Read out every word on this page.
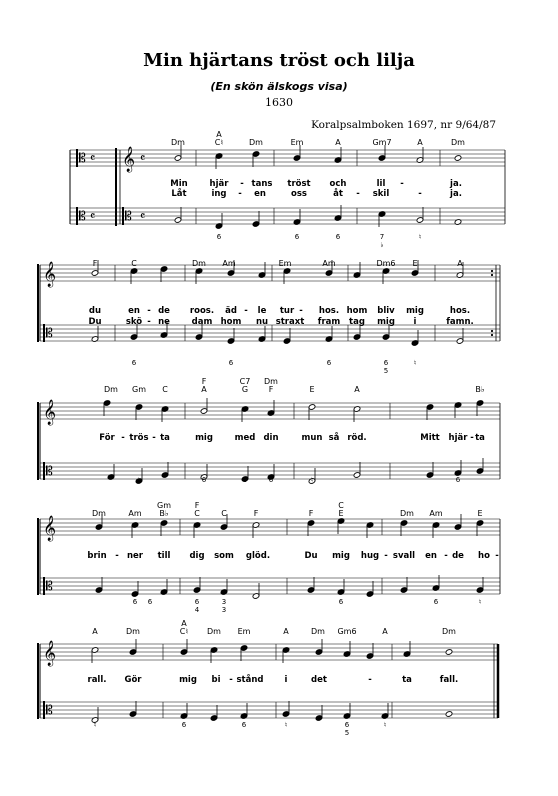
Min hjärtans tröst och lilja
(En skön älskogs visa)
1630
Koralpsalmboken 1697, nr 9/64/87
𝄡 𝄴
𝄡 𝄴
𝄞 𝄴
𝄡 𝄴
Dm
A
C♮	Dm	Em	A	Gm7	A	Dm
Min	hjär - tans tröst och	lil -	ja.
Låt	ing - en	oss	åt - skil	-	ja.
6	6	6	7
♭
♮
𝄞
𝄡
F	C	Dm Am	Em	Am	Dm6 E	A
du	en - de roos. äd - le tur - hos. hom bliv mig	hos.
Du	skö - ne	dam hom nu straxt fram tag mig i	famn.
6	6	6	6
5
♮
𝄞
𝄡
Dm Gm C
F
A
C7
G
Dm
F	E	A	B♭
För - trös - ta	mig	med din	mun så röd.	Mitt hjär - ta
♭	6	6	6	♮	6
𝄞
𝄡
Dm	Am
Gm
B♭
F
C	C	F	F
C
E	Dm Am	E
brin - ner till dig som glöd.	Du mig hug - svall en - de ho -
6 6	6
4
3
3
6	6	♮
𝄞
𝄡
A	Dm
A
C♮ Dm Em	A	Dm Gm6	A	Dm
rall. Gör	mig bi - stånd i	det	-	ta	fall.
♮	6	6	♮	6
5
♮
